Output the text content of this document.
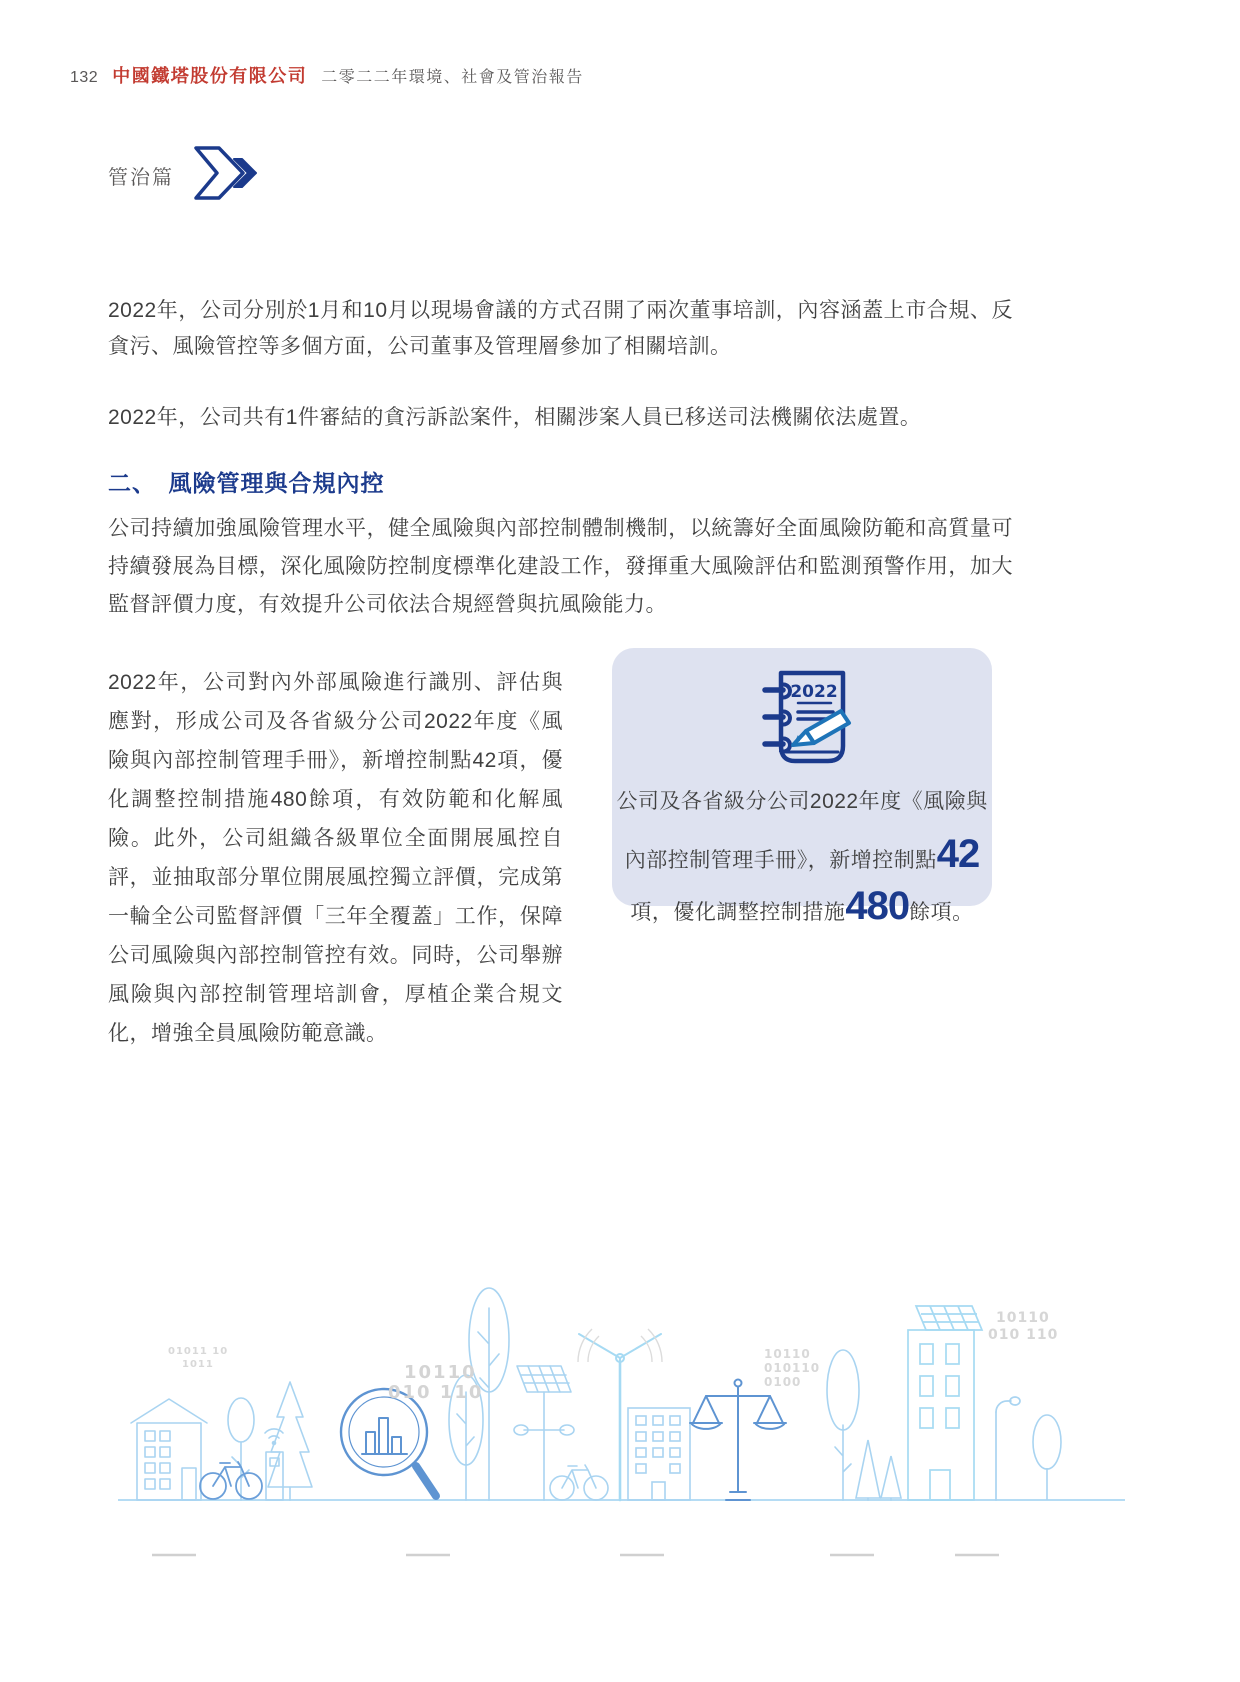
132 中國鐵塔股份有限公司 二零二二年環境、社會及管治報告
管治篇

2022年，公司分別於1月和10月以現場會議的方式召開了兩次董事培訓，內容涵蓋上市合規、反貪污、風險管控等多個方面，公司董事及管理層參加了相關培訓。

2022年，公司共有1件審結的貪污訴訟案件，相關涉案人員已移送司法機關依法處置。

二、　風險管理與合規內控

公司持續加強風險管理水平，健全風險與內部控制體制機制，以統籌好全面風險防範和高質量可持續發展為目標，深化風險防控制度標準化建設工作，發揮重大風險評估和監測預警作用，加大監督評價力度，有效提升公司依法合規經營與抗風險能力。

2022年，公司對內外部風險進行識別、評估與應對，形成公司及各省級分公司2022年度《風險與內部控制管理手冊》，新增控制點42項，優化調整控制措施480餘項，有效防範和化解風險。此外，公司組織各級單位全面開展風控自評，並抽取部分單位開展風控獨立評價，完成第一輪全公司監督評價「三年全覆蓋」工作，保障公司風險與內部控制管控有效。同時，公司舉辦風險與內部控制管理培訓會，厚植企業合規文化，增強全員風險防範意識。

2022
公司及各省級分公司2022年度《風險與
內部控制管理手冊》，新增控制點42
項，優化調整控制措施480餘項。
01011 10
1011	10110
010 110
10110
010110
0100
10110
010 110
